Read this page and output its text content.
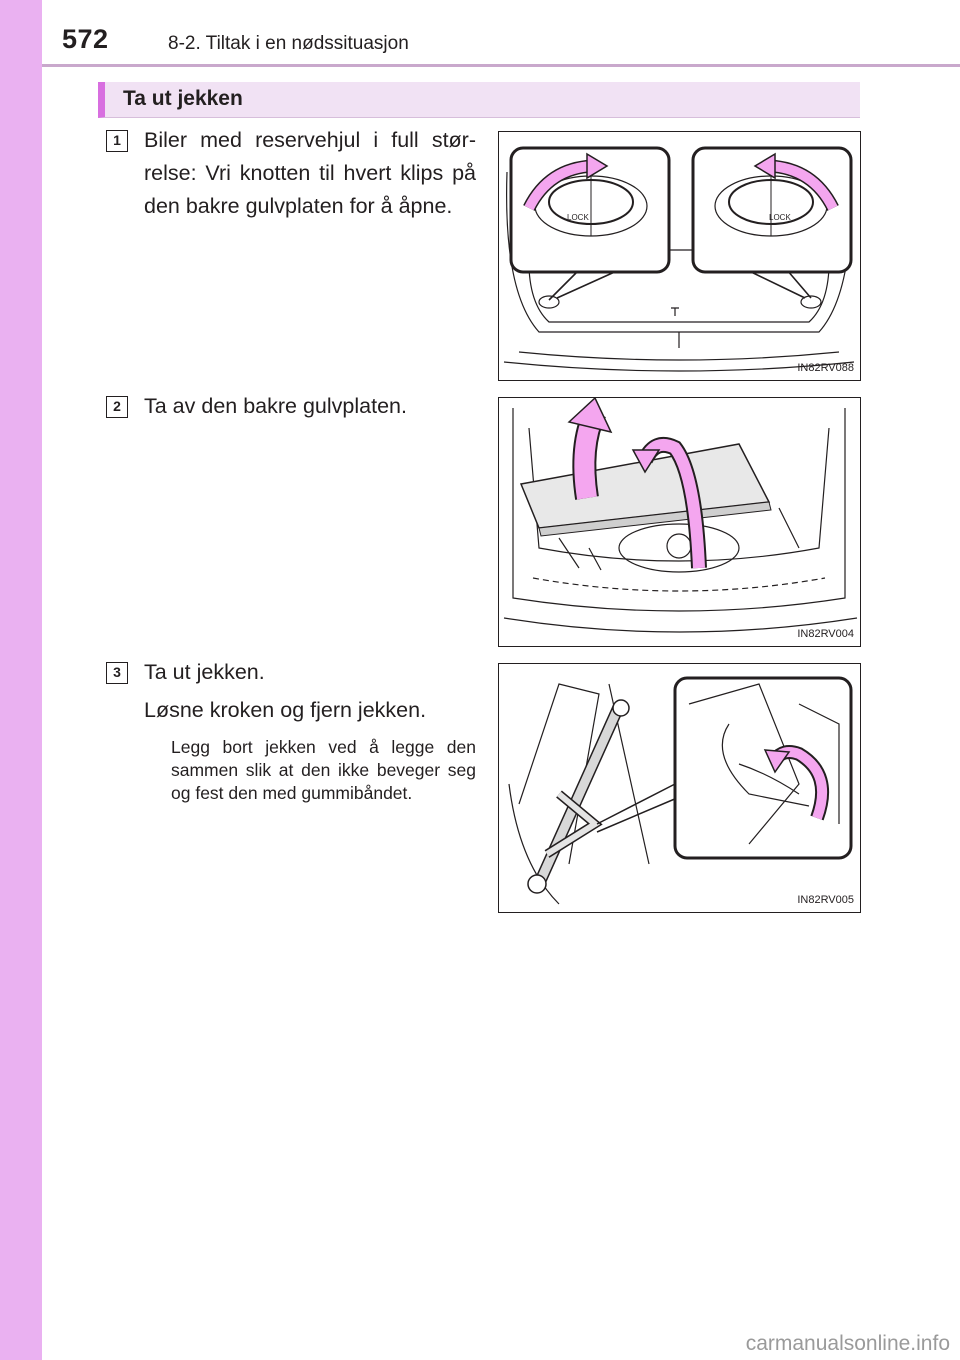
572	8-2. Tiltak i en nødssituasjon
Ta ut jekken
1	Biler med reservehjul i full stør-relse: Vri knotten til hvert klips på den bakre gulvplaten for å åpne.	LOCK	LOCK
IN82RV088
2	Ta av den bakre gulvplaten.
IN82RV004
3	Ta ut jekken.
Løsne kroken og fjern jekken.
Legg bort jekken ved å legge den sammen slik at den ikke beveger seg og fest den med gummibåndet.
IN82RV005
carmanualsonline.info
